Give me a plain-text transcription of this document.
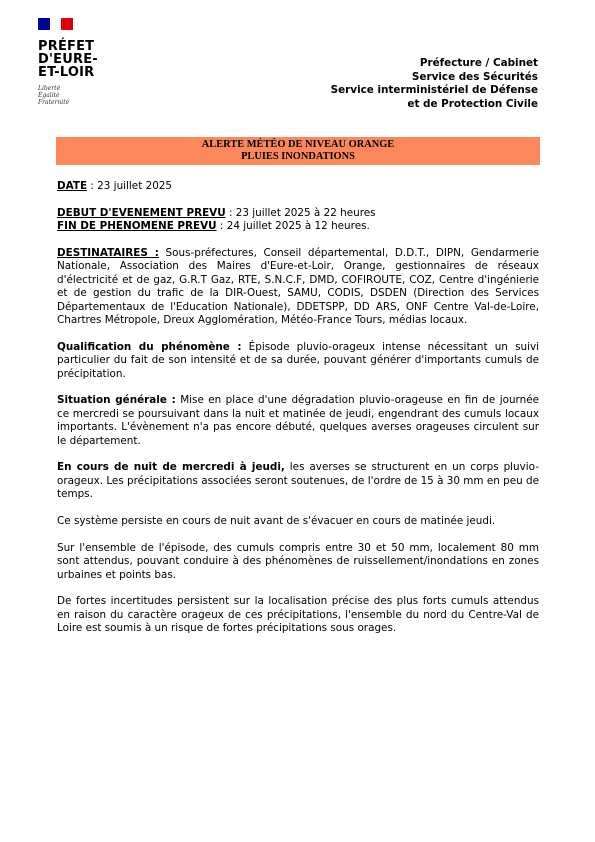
PRÉFET
D'EURE-
ET-LOIR
Liberté
Égalité
Fraternité
Préfecture / Cabinet
Service des Sécurités
Service interministériel de Défense
et de Protection Civile
ALERTE MÉTÉO DE NIVEAU ORANGE
PLUIES INONDATIONS

DATE : 23 juillet 2025

DEBUT D'EVENEMENT PREVU : 23 juillet 2025 à 22 heures

FIN DE PHENOMENE PREVU : 24 juillet 2025 à 12 heures.

DESTINATAIRES : Sous-préfectures, Conseil départemental, D.D.T., DIPN, Gendarmerie Nationale, Association des Maires d'Eure-et-Loir, Orange, gestionnaires de réseaux d'électricité et de gaz, G.R.T Gaz, RTE, S.N.C.F, DMD, COFIROUTE, COZ, Centre d'ingénierie et de gestion du trafic de la DIR-Ouest, SAMU, CODIS, DSDEN (Direction des Services Départementaux de l'Education Nationale), DDETSPP, DD ARS, ONF Centre Val-de-Loire, Chartres Métropole, Dreux Agglomération, Météo-France Tours, médias locaux.

Qualification du phénomène : Épisode pluvio-orageux intense nécessitant un suivi particulier du fait de son intensité et de sa durée, pouvant générer d'importants cumuls de précipitation.

Situation générale : Mise en place d'une dégradation pluvio-orageuse en fin de journée ce mercredi se poursuivant dans la nuit et matinée de jeudi, engendrant des cumuls locaux importants. L'évènement n'a pas encore débuté, quelques averses orageuses circulent sur le département.

En cours de nuit de mercredi à jeudi, les averses se structurent en un corps pluvio-orageux. Les précipitations associées seront soutenues, de l'ordre de 15 à 30 mm en peu de temps.

Ce système persiste en cours de nuit avant de s'évacuer en cours de matinée jeudi.

Sur l'ensemble de l'épisode, des cumuls compris entre 30 et 50 mm, localement 80 mm sont attendus, pouvant conduire à des phénomènes de ruissellement/inondations en zones urbaines et points bas.

De fortes incertitudes persistent sur la localisation précise des plus forts cumuls attendus en raison du caractère orageux de ces précipitations, l'ensemble du nord du Centre-Val de Loire est soumis à un risque de fortes précipitations sous orages.
